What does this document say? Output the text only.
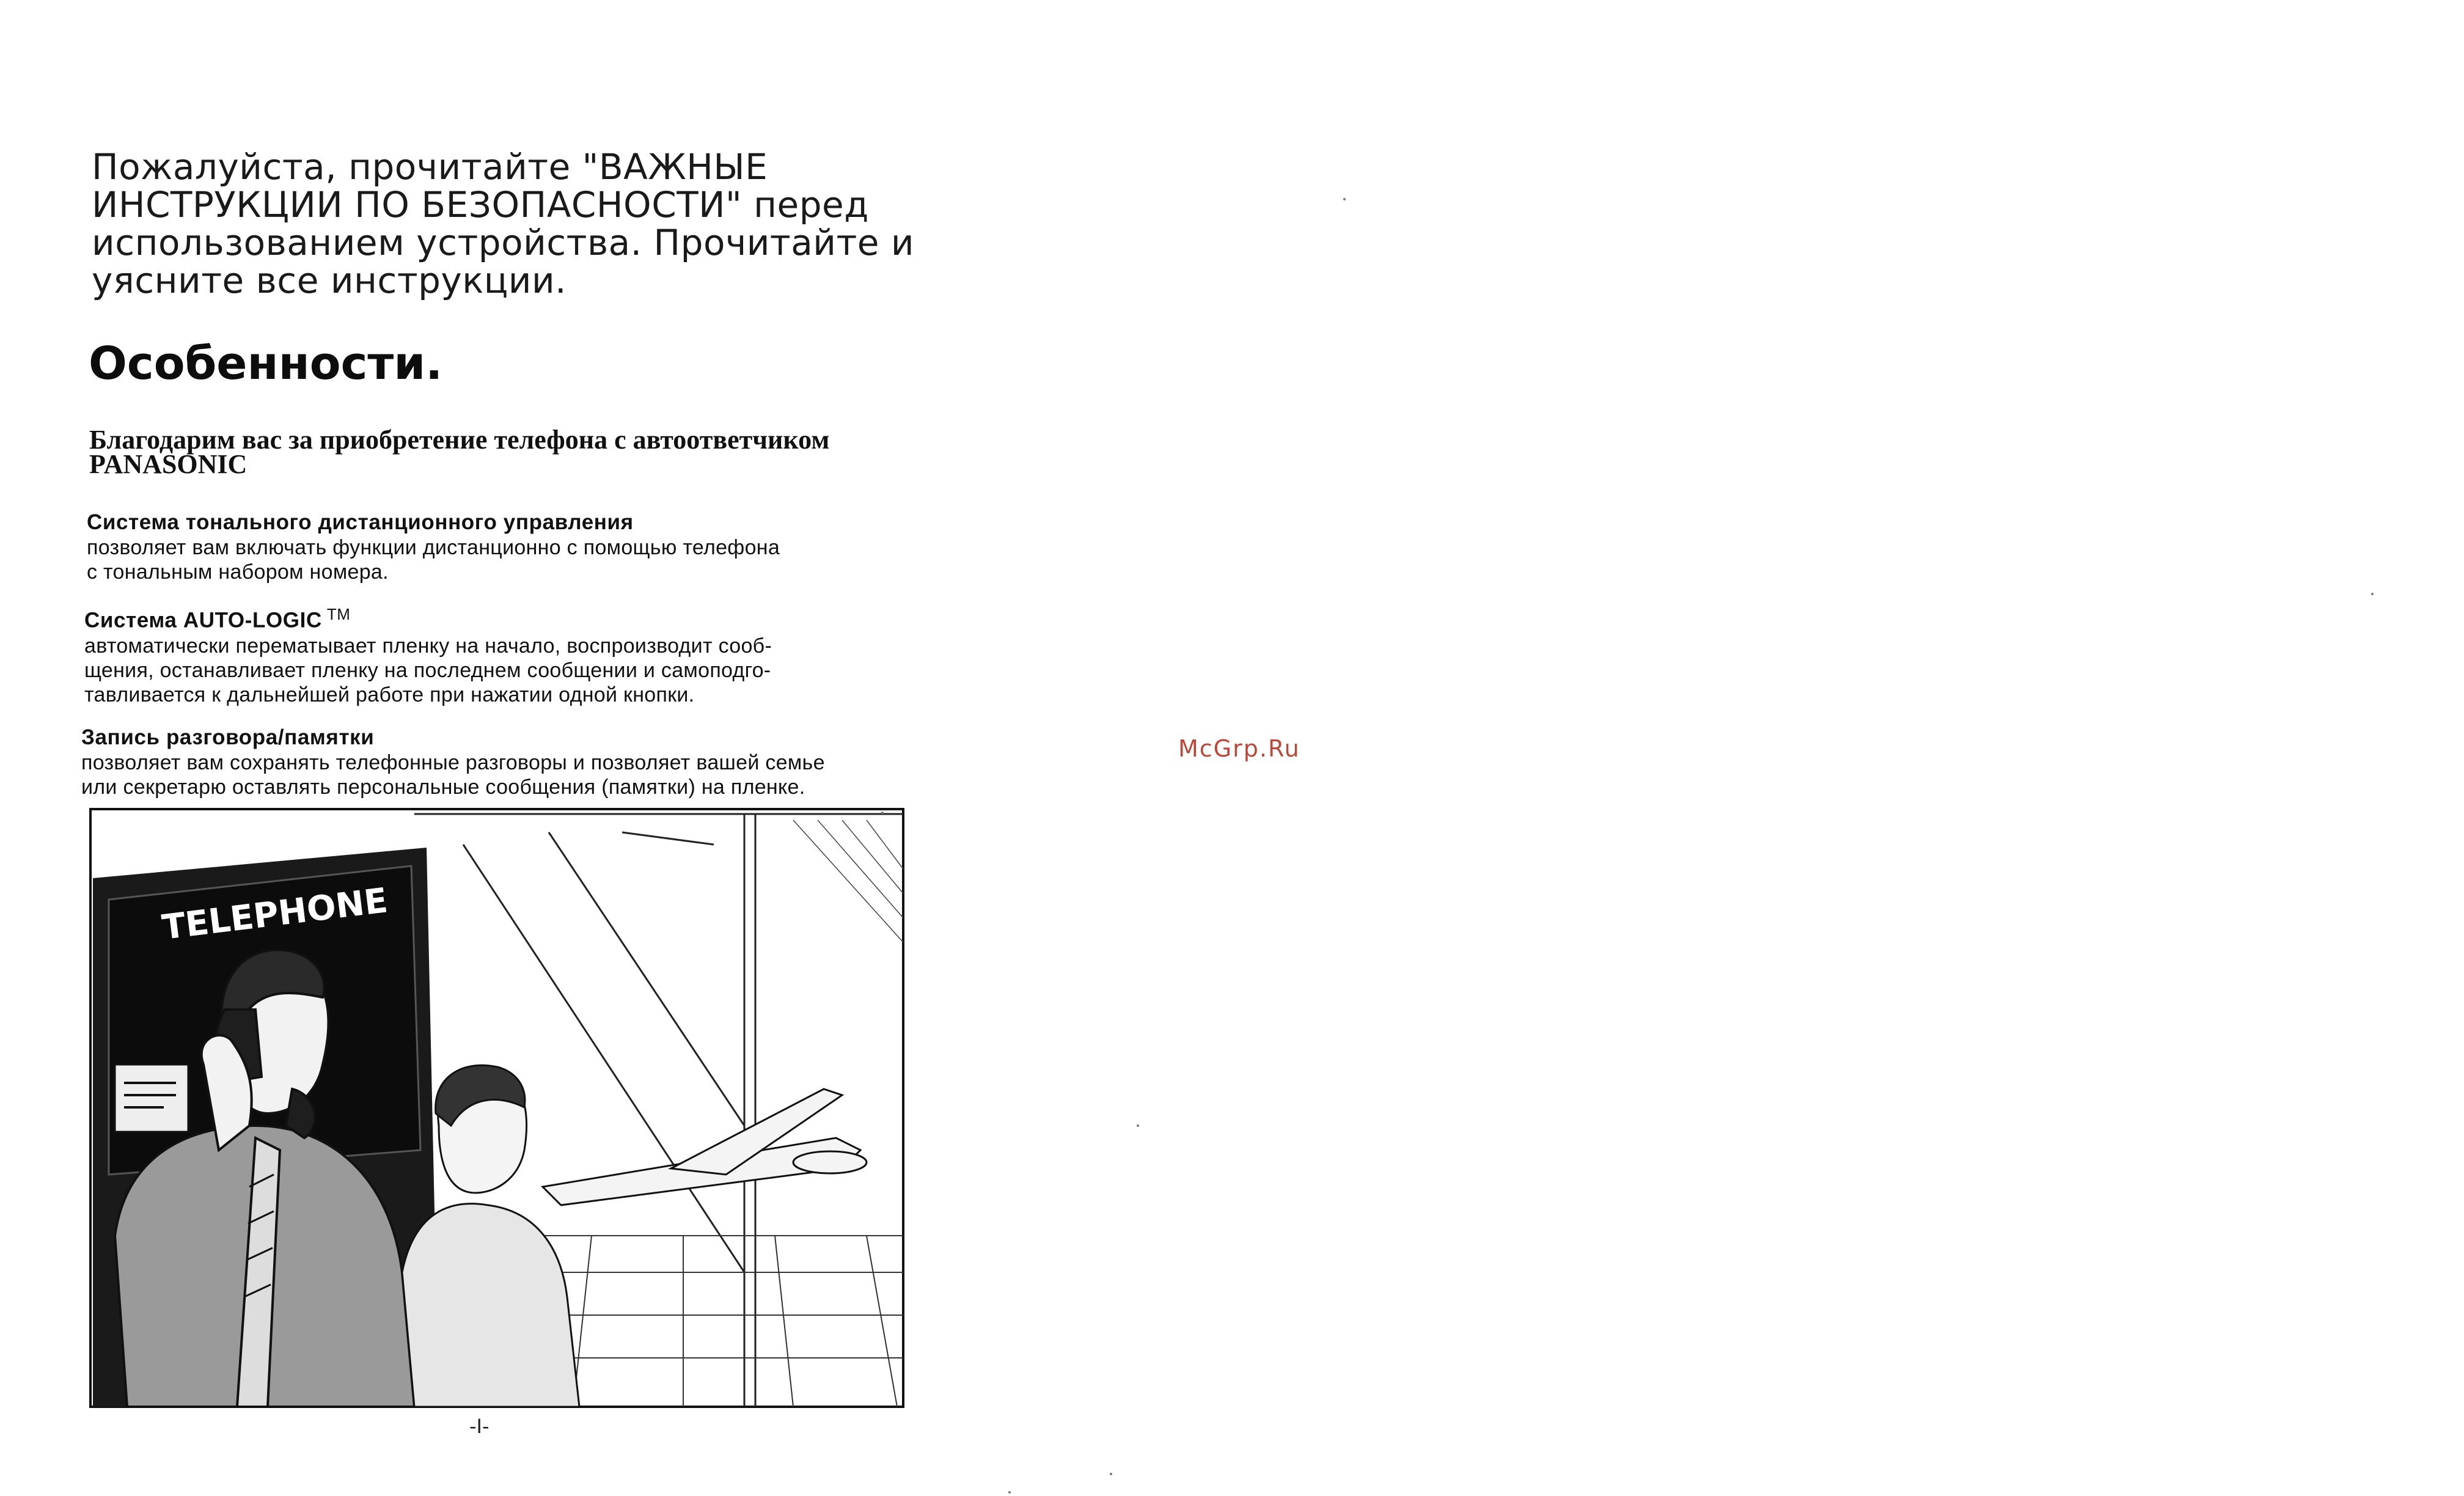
Пожалуйста, прочитайте "ВАЖНЫЕ
ИНСТРУКЦИИ ПО БЕЗОПАСНОСТИ" перед
использованием устройства. Прочитайте и
уясните все инструкции.
Особенности.
Благодарим вас за приобретение телефона с автоответчиком
PANASONIC
Система тонального дистанционного управления
позволяет вам включать функции дистанционно с помощью телефона
с тональным набором номера.
Система AUTO-LOGIC ™
автоматически перематывает пленку на начало, воспроизводит сооб-
щения, останавливает пленку на последнем сообщении и самоподго-
тавливается к дальнейшей работе при нажатии одной кнопки.
Запись разговора/памятки
позволяет вам сохранять телефонные разговоры и позволяет вашей семье
или секретарю оставлять персональные сообщения (памятки) на пленке.
TELEPHONE
McGrp.Ru
-I-
